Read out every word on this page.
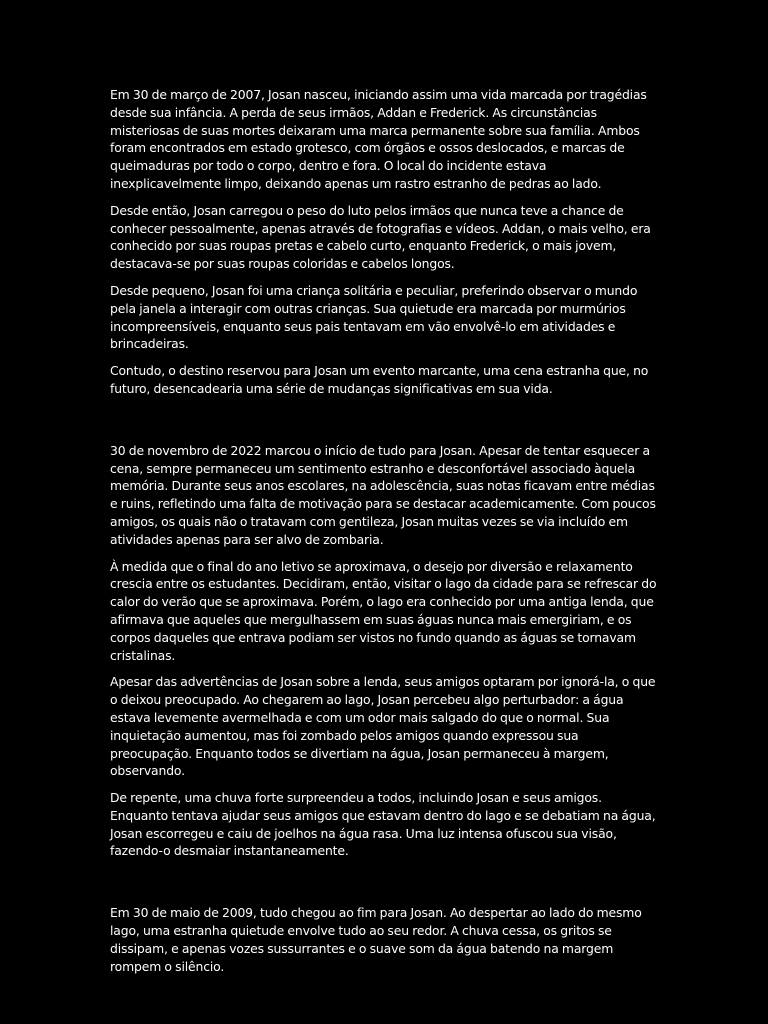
Em 30 de março de 2007, Josan nasceu, iniciando assim uma vida marcada por tragédias desde sua infância. A perda de seus irmãos, Addan e Frederick. As circunstâncias misteriosas de suas mortes deixaram uma marca permanente sobre sua família. Ambos foram encontrados em estado grotesco, com órgãos e ossos deslocados, e marcas de queimaduras por todo o corpo, dentro e fora. O local do incidente estava inexplicavelmente limpo, deixando apenas um rastro estranho de pedras ao lado.

Desde então, Josan carregou o peso do luto pelos irmãos que nunca teve a chance de conhecer pessoalmente, apenas através de fotografias e vídeos. Addan, o mais velho, era conhecido por suas roupas pretas e cabelo curto, enquanto Frederick, o mais jovem, destacava-se por suas roupas coloridas e cabelos longos.

Desde pequeno, Josan foi uma criança solitária e peculiar, preferindo observar o mundo pela janela a interagir com outras crianças. Sua quietude era marcada por murmúrios incompreensíveis, enquanto seus pais tentavam em vão envolvê-lo em atividades e brincadeiras.

Contudo, o destino reservou para Josan um evento marcante, uma cena estranha que, no futuro, desencadearia uma série de mudanças significativas em sua vida.

30 de novembro de 2022 marcou o início de tudo para Josan. Apesar de tentar esquecer a cena, sempre permaneceu um sentimento estranho e desconfortável associado àquela memória. Durante seus anos escolares, na adolescência, suas notas ficavam entre médias e ruins, refletindo uma falta de motivação para se destacar academicamente. Com poucos amigos, os quais não o tratavam com gentileza, Josan muitas vezes se via incluído em atividades apenas para ser alvo de zombaria.

À medida que o final do ano letivo se aproximava, o desejo por diversão e relaxamento crescia entre os estudantes. Decidiram, então, visitar o lago da cidade para se refrescar do calor do verão que se aproximava. Porém, o lago era conhecido por uma antiga lenda, que afirmava que aqueles que mergulhassem em suas águas nunca mais emergiriam, e os corpos daqueles que entrava podiam ser vistos no fundo quando as águas se tornavam cristalinas.

Apesar das advertências de Josan sobre a lenda, seus amigos optaram por ignorá-la, o que o deixou preocupado. Ao chegarem ao lago, Josan percebeu algo perturbador: a água estava levemente avermelhada e com um odor mais salgado do que o normal. Sua inquietação aumentou, mas foi zombado pelos amigos quando expressou sua preocupação. Enquanto todos se divertiam na água, Josan permaneceu à margem, observando.

De repente, uma chuva forte surpreendeu a todos, incluindo Josan e seus amigos. Enquanto tentava ajudar seus amigos que estavam dentro do lago e se debatiam na água, Josan escorregeu e caiu de joelhos na água rasa. Uma luz intensa ofuscou sua visão, fazendo-o desmaiar instantaneamente.

Em 30 de maio de 2009, tudo chegou ao fim para Josan. Ao despertar ao lado do mesmo lago, uma estranha quietude envolve tudo ao seu redor. A chuva cessa, os gritos se dissipam, e apenas vozes sussurrantes e o suave som da água batendo na margem rompem o silêncio.
